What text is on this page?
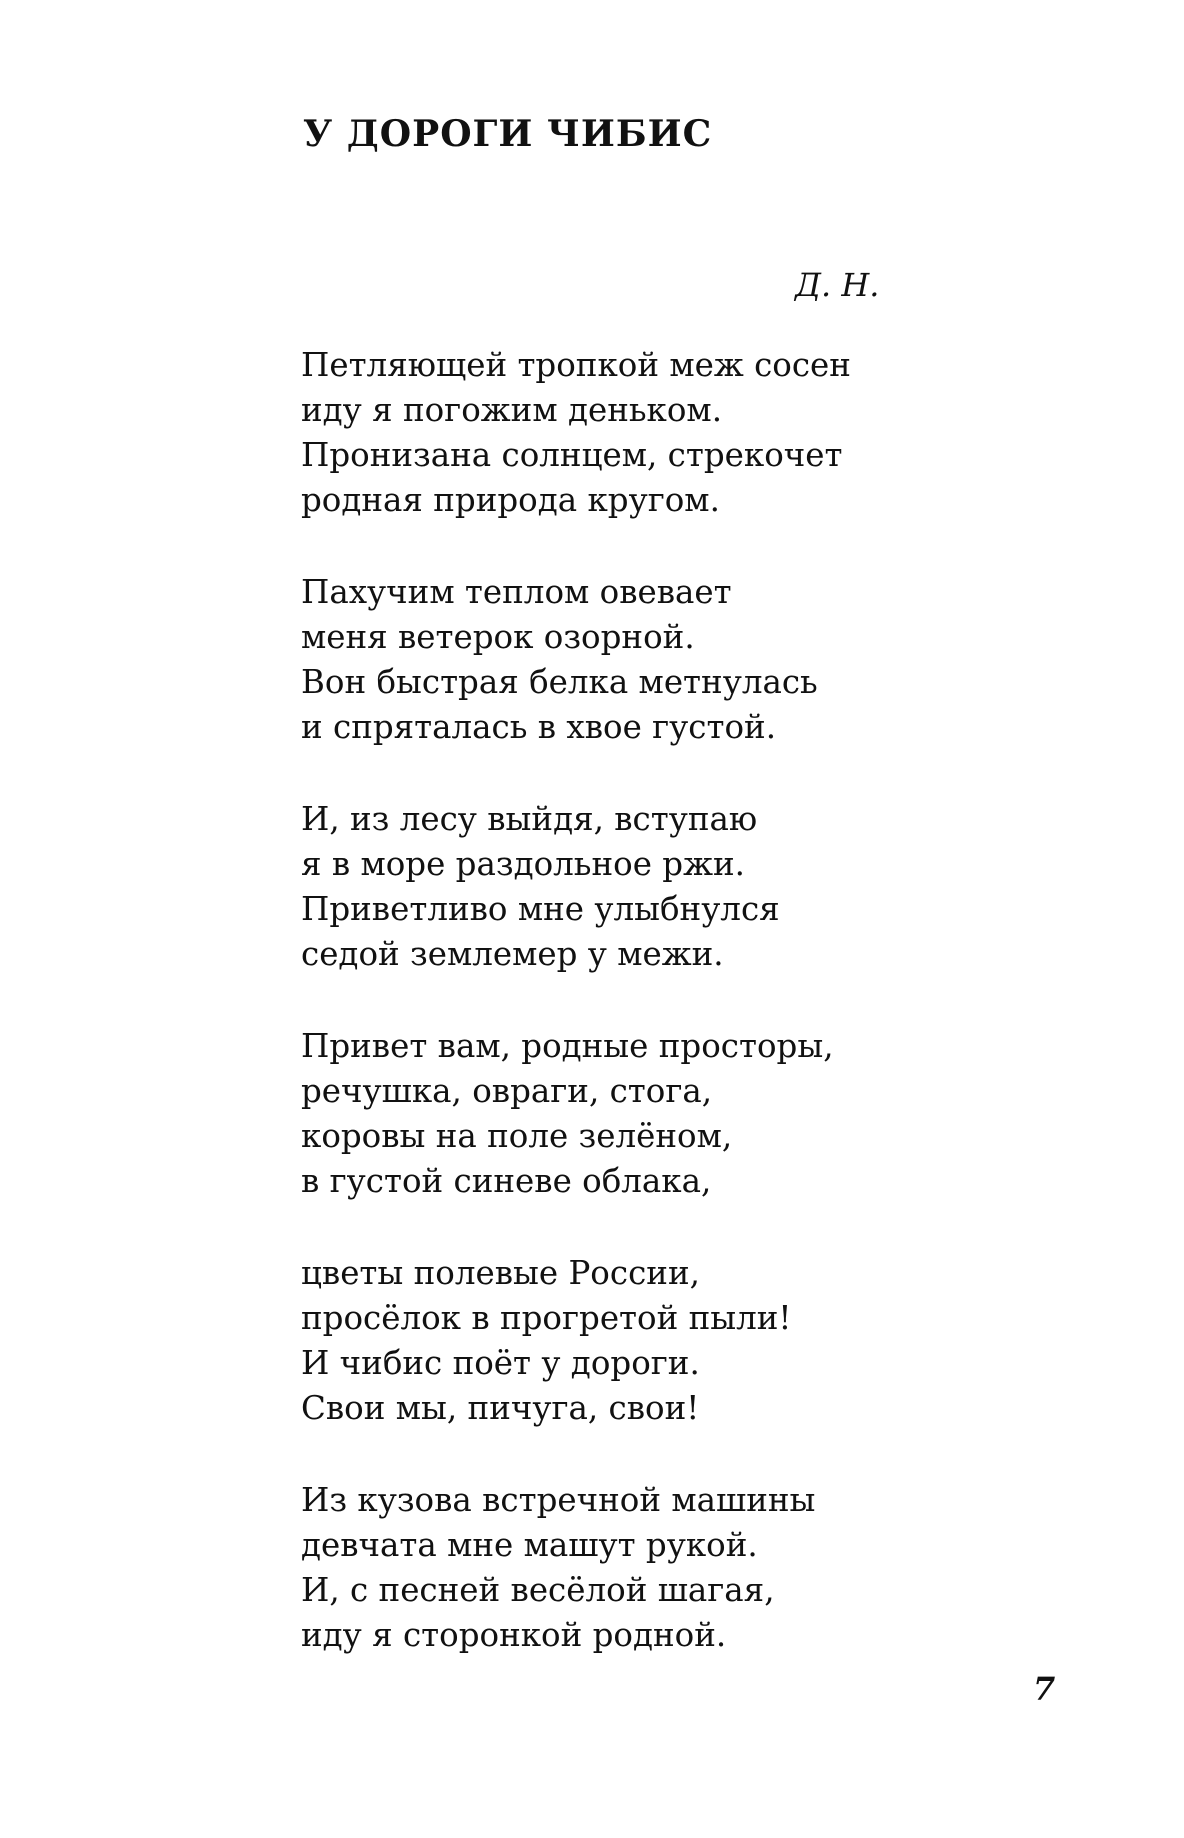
У ДОРОГИ ЧИБИС
Д. Н.
Петляющей тропкой меж сосен
иду я погожим деньком.
Пронизана солнцем, стрекочет
родная природа кругом.
Пахучим теплом овевает
меня ветерок озорной.
Вон быстрая белка метнулась
и спряталась в хвое густой.
И, из лесу выйдя, вступаю
я в море раздольное ржи.
Приветливо мне улыбнулся
седой землемер у межи.
Привет вам, родные просторы,
речушка, овраги, стога,
коровы на поле зелёном,
в густой синеве облака,
цветы полевые России,
просёлок в прогретой пыли!
И чибис поёт у дороги.
Свои мы, пичуга, свои!
Из кузова встречной машины
девчата мне машут рукой.
И, с песней весёлой шагая,
иду я сторонкой родной.
7
